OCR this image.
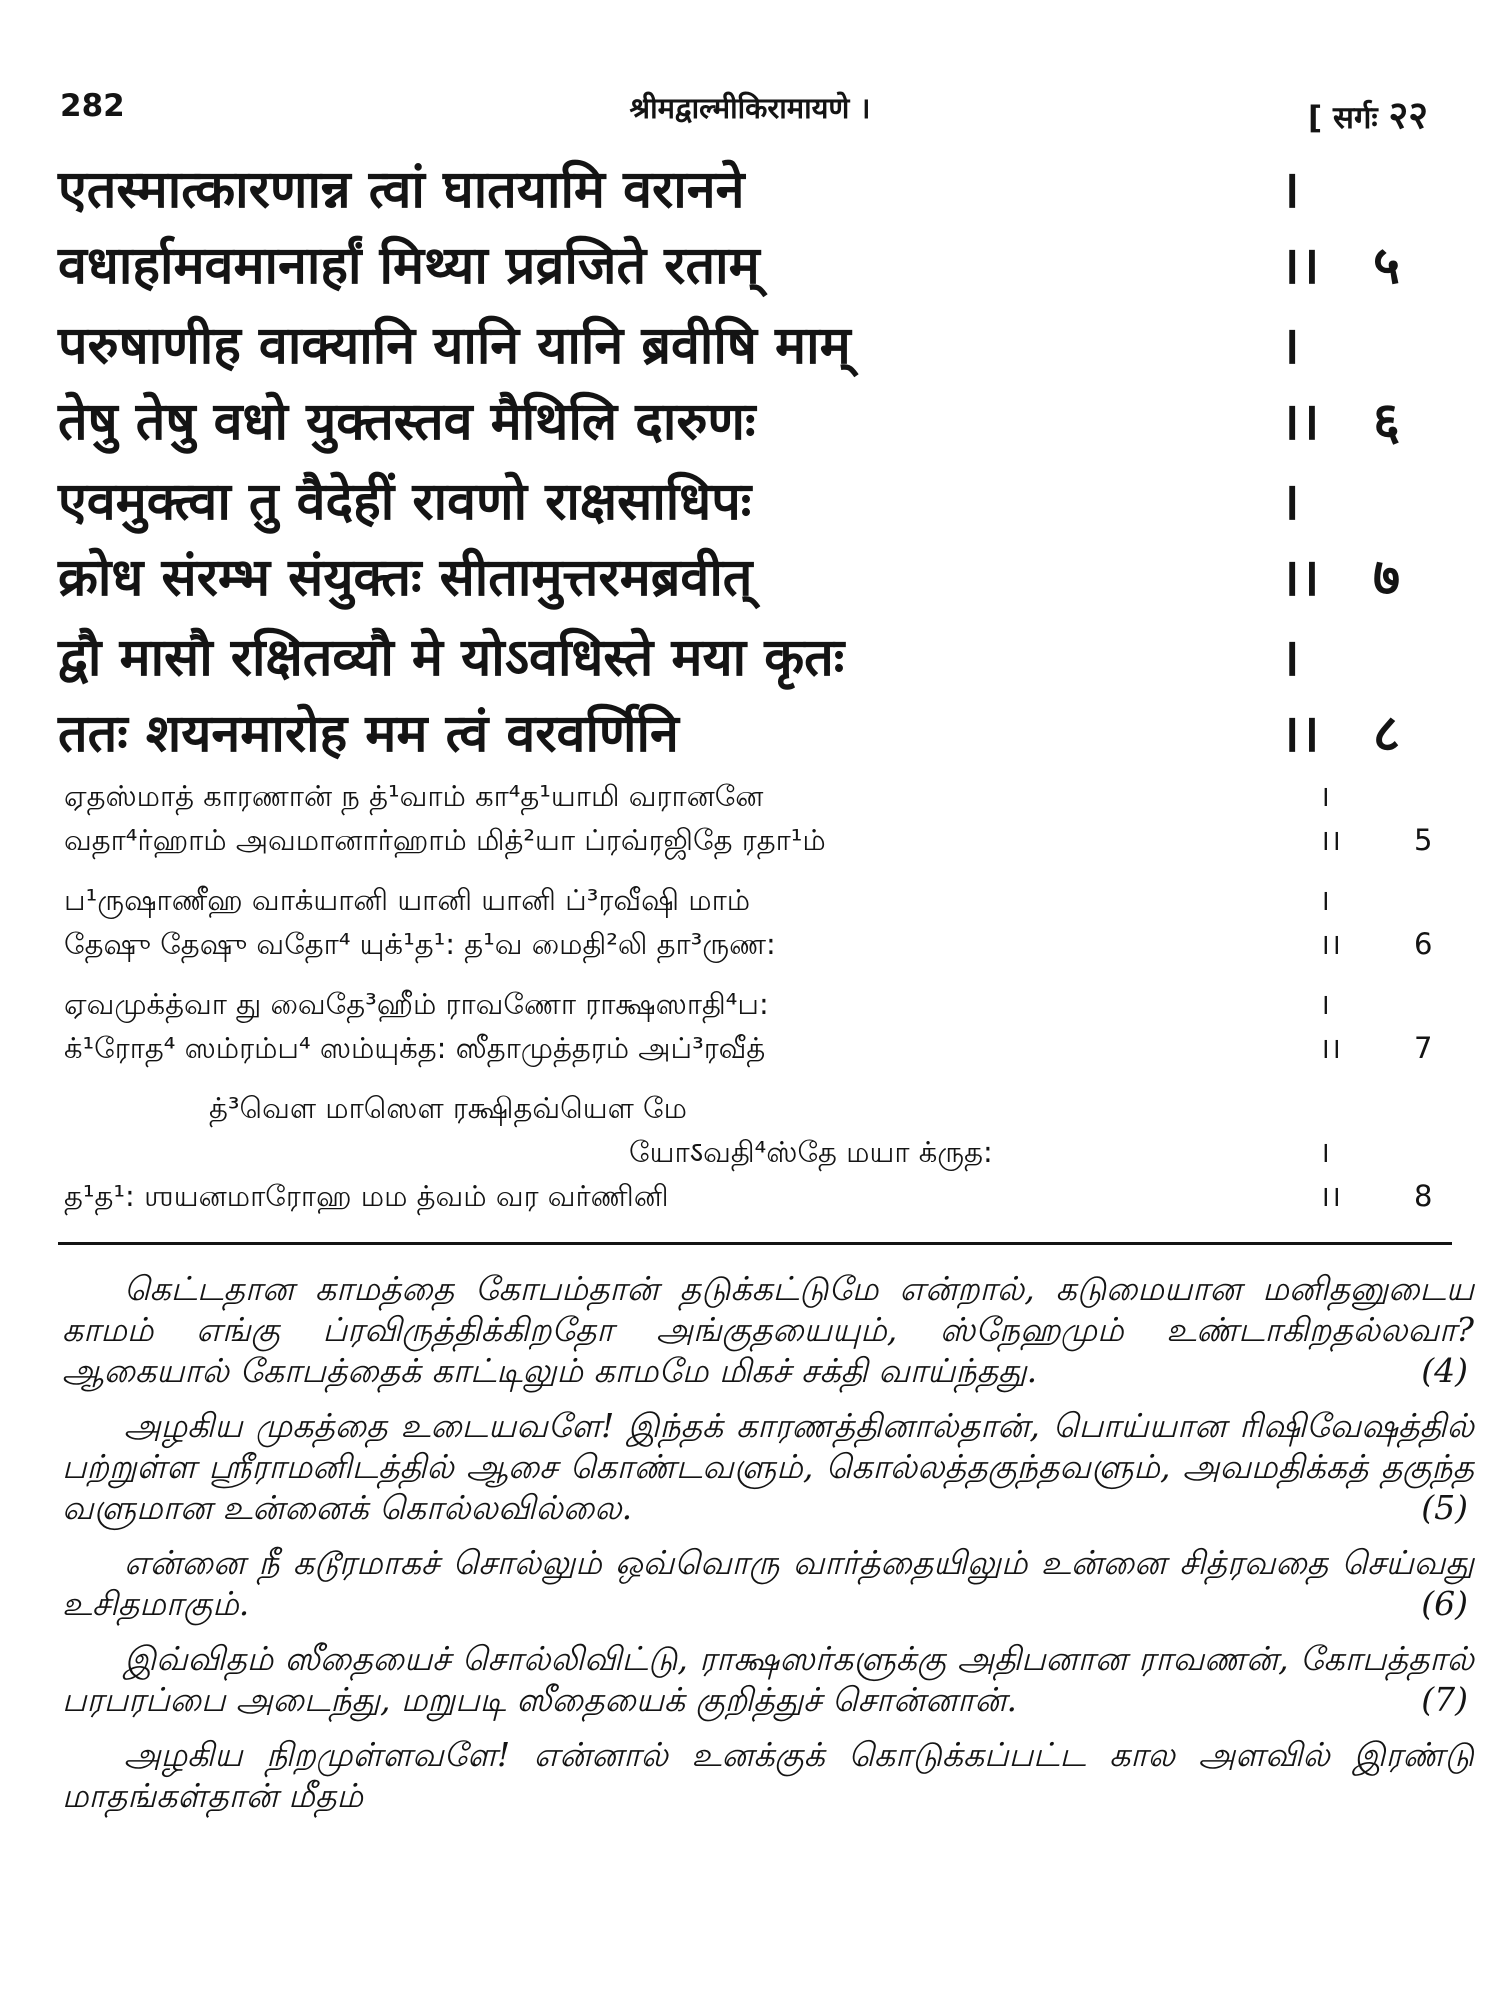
282	श्रीमद्वाल्मीकिरामायणे ।	[ सर्गः २२
एतस्मात्कारणान्न त्वां घातयामि वरानने	।
वधार्हामवमानार्हां मिथ्या प्रव्रजिते रताम्	।। ५
परुषाणीह वाक्यानि यानि यानि ब्रवीषि माम्	।
तेषु तेषु वधो युक्तस्तव मैथिलि दारुणः	।। ६
एवमुक्त्वा तु वैदेहीं रावणो राक्षसाधिपः	।
क्रोध संरम्भ संयुक्तः सीतामुत्तरमब्रवीत्	।। ७
द्वौ मासौ रक्षितव्यौ मे योऽवधिस्ते मया कृतः	।
ततः शयनमारोह मम त्वं वरवर्णिनि	।। ८
ஏதஸ்மாத் காரணான் ந த்¹வாம் கா⁴த¹யாமி வரானனே	।
வதா⁴ர்ஹாம் அவமானார்ஹாம் மித்²யா ப்ரவ்ரஜிதே ரதா¹ம்	।।	5
ப¹ருஷாணீஹ வாக்யானி யானி யானி ப்³ரவீஷி மாம்	।
தேஷு தேஷு வதோ⁴ யுக்¹த¹: த¹வ மைதி²லி தா³ருண:	।।	6
ஏவமுக்த்வா து வைதே³ஹீம் ராவணோ ராக்ஷஸாதி⁴ப:	।
க்¹ரோத⁴ ஸம்ரம்ப⁴ ஸம்யுக்த: ஸீதாமுத்தரம் அப்³ரவீத்	।।	7
த்³வௌ மாஸௌ ரக்ஷிதவ்யௌ மே
யோऽவதி⁴ஸ்தே மயா க்ருத:	।
த¹த¹: ஶயனமாரோஹ மம த்வம் வர வர்ணினி	।।	8

கெட்டதான காமத்தை கோபம்தான் தடுக்கட்டுமே என்றால், கடுமையான மனிதனுடைய காமம் எங்கு ப்ரவிருத்திக்கிறதோ அங்குதயையும், ஸ்நேஹமும் உண்டாகிறதல்லவா? ஆகையால் கோபத்தைக் காட்டிலும் காமமே மிகச் சக்தி வாய்ந்தது.	(4)

அழகிய முகத்தை உடையவளே! இந்தக் காரணத்தினால்தான், பொய்யான ரிஷிவேஷத்தில் பற்றுள்ள ஸ்ரீராமனிடத்தில் ஆசை கொண்டவளும், கொல்லத்தகுந்தவளும், அவமதிக்கத் தகுந்த வளுமான உன்னைக் கொல்லவில்லை.	(5)

என்னை நீ கடூரமாகச் சொல்லும் ஒவ்வொரு வார்த்தையிலும் உன்னை சித்ரவதை செய்வது உசிதமாகும்.	(6)

இவ்விதம் ஸீதையைச் சொல்லிவிட்டு, ராக்ஷஸர்களுக்கு அதிபனான ராவணன், கோபத்தால் பரபரப்பை அடைந்து, மறுபடி ஸீதையைக் குறித்துச் சொன்னான்.	(7)

அழகிய நிறமுள்ளவளே! என்னால் உனக்குக் கொடுக்கப்பட்ட கால அளவில் இரண்டு மாதங்கள்தான் மீதம்
